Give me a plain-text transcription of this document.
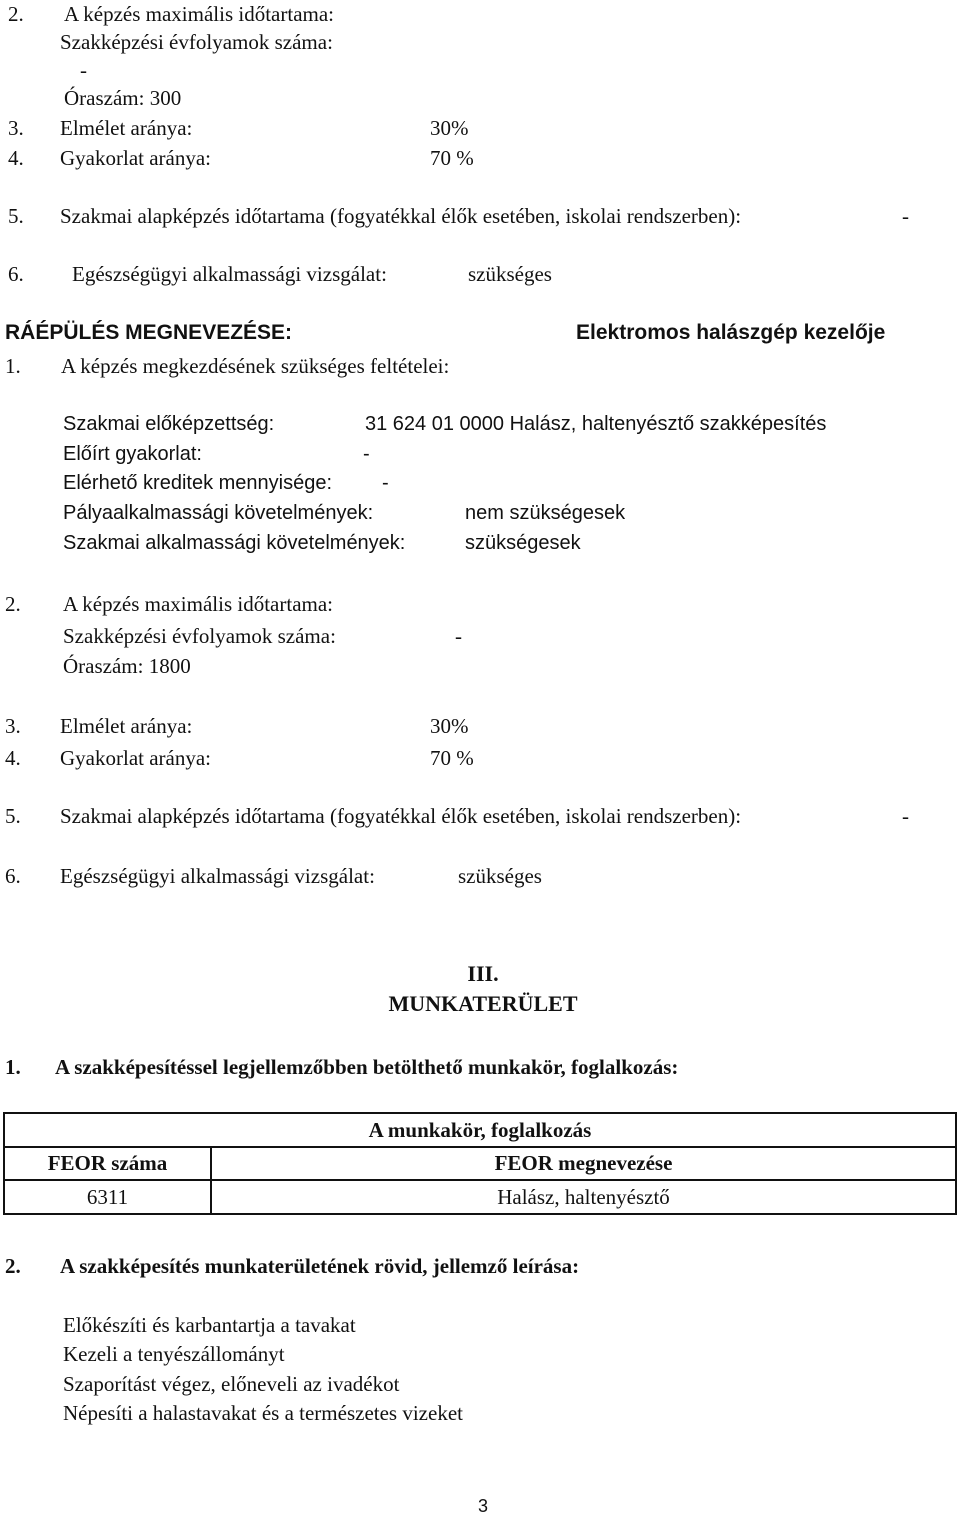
2. A képzés maximális időtartama:
Szakképzési évfolyamok száma:
-
Óraszám: 300
3. Elmélet aránya:	30%
4. Gyakorlat aránya:	70 %
5. Szakmai alapképzés időtartama (fogyatékkal élők esetében, iskolai rendszerben):	-
6. Egészségügyi alkalmassági vizsgálat:	szükséges
RÁÉPÜLÉS MEGNEVEZÉSE:	Elektromos halászgép kezelője
1. A képzés megkezdésének szükséges feltételei:
Szakmai előképzettség:	31 624 01 0000 Halász, haltenyésztő szakképesítés
Előírt gyakorlat:	-
Elérhető kreditek mennyisége: -
Pályaalkalmassági követelmények:	nem szükségesek
Szakmai alkalmassági követelmények:	szükségesek
2. A képzés maximális időtartama:
Szakképzési évfolyamok száma:	-
Óraszám: 1800
3. Elmélet aránya:	30%
4. Gyakorlat aránya:	70 %
5. Szakmai alapképzés időtartama (fogyatékkal élők esetében, iskolai rendszerben):	-
6. Egészségügyi alkalmassági vizsgálat:	szükséges
III.
MUNKATERÜLET
1. A szakképesítéssel legjellemzőbben betölthető munkakör, foglalkozás:
A munkakör, foglalkozás	
FEOR száma	FEOR megnevezése
6311	Halász, haltenyésztő
2. A szakképesítés munkaterületének rövid, jellemző leírása:
Előkészíti és karbantartja a tavakat
Kezeli a tenyészállományt
Szaporítást végez, előneveli az ivadékot
Népesíti a halastavakat és a természetes vizeket
3
